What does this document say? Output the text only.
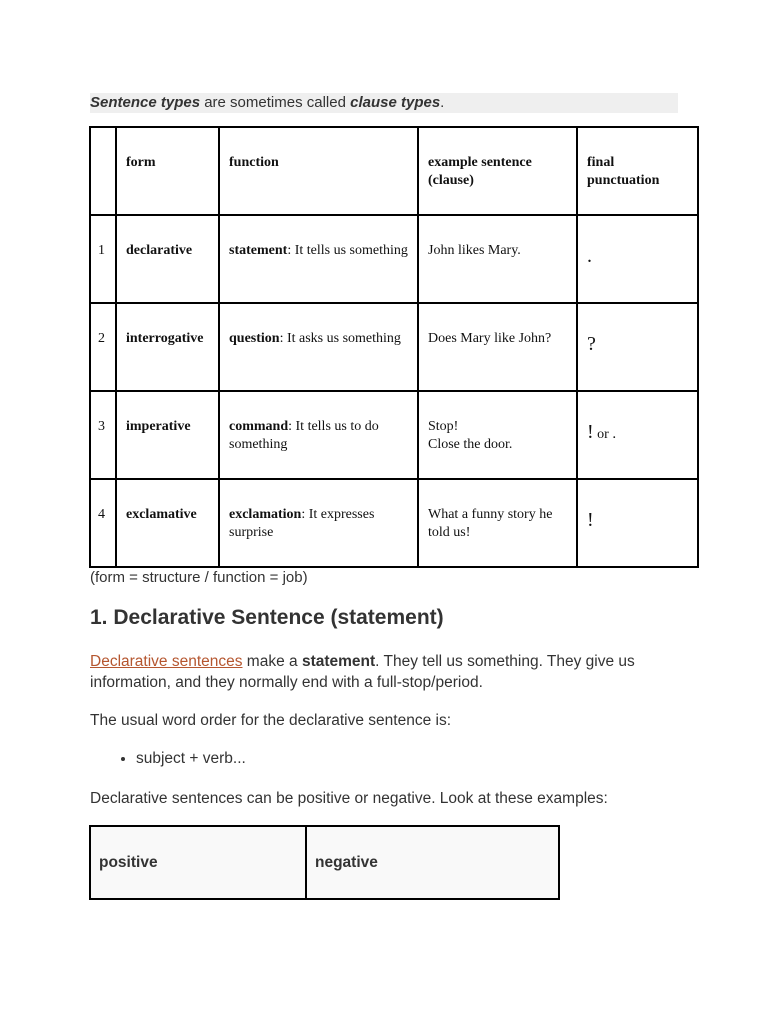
Sentence types are sometimes called clause types.
	form	function	example sentence (clause)	final punctuation
1	declarative	statement: It tells us something	John likes Mary.	.
2	interrogative	question: It asks us something	Does Mary like John?	?
3	imperative	command: It tells us to do something	Stop!
Close the door.	! or .
4	exclamative	exclamation: It expresses surprise	What a funny story he told us!	!
(form = structure / function = job)
1. Declarative Sentence (statement)

Declarative sentences make a statement. They tell us something. They give us information, and they normally end with a full-stop/period.

The usual word order for the declarative sentence is:

• subject + verb...

Declarative sentences can be positive or negative. Look at these examples:

positive	negative
